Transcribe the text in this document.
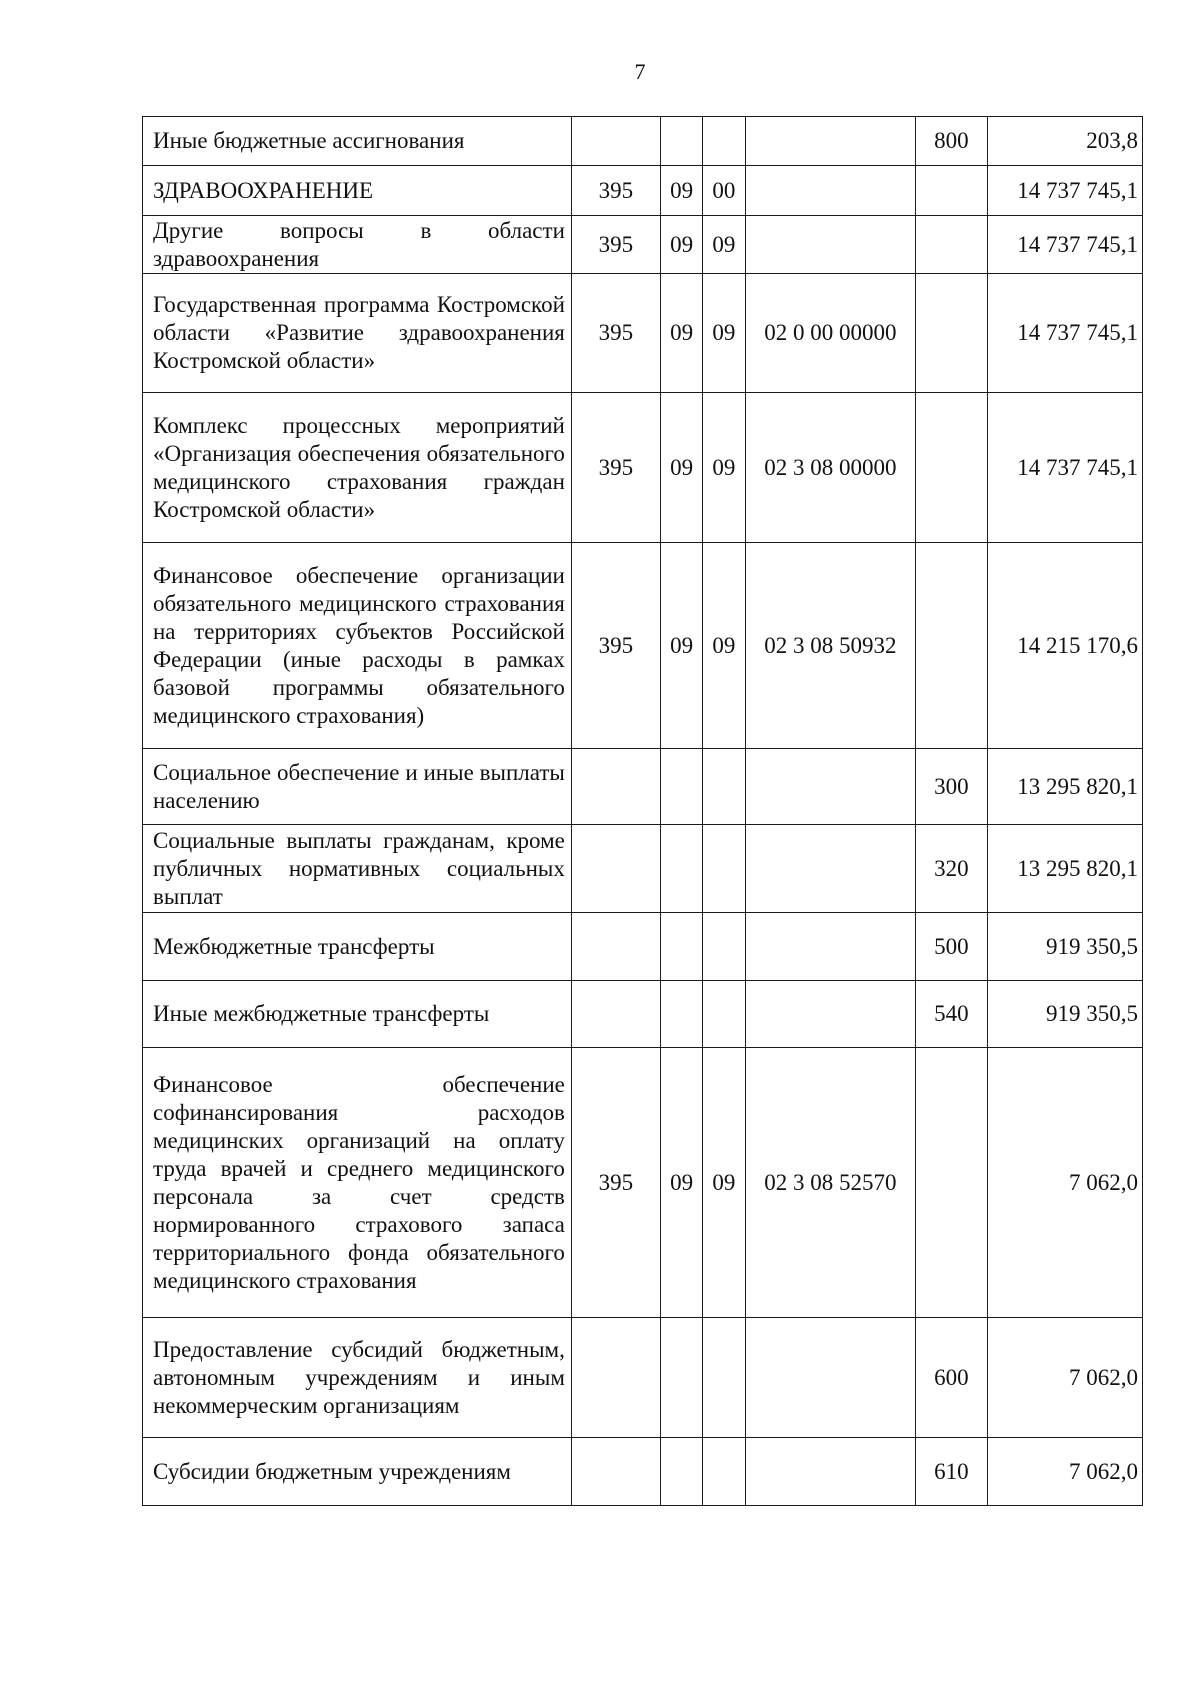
7
Иные бюджетные ассигнования					800	203,8
ЗДРАВООХРАНЕНИЕ	395	09	00			14 737 745,1
Другие вопросы в области здравоохранения	395	09	09			14 737 745,1
Государственная программа Костромской области «Развитие здравоохранения Костромской области»	395	09	09	02 0 00 00000		14 737 745,1
Комплекс процессных мероприятий «Организация обеспечения обязательного медицинского страхования граждан Костромской области»	395	09	09	02 3 08 00000		14 737 745,1
Финансовое обеспечение организации обязательного медицинского страхования на территориях субъектов Российской Федерации (иные расходы в рамках базовой программы обязательного медицинского страхования)	395	09	09	02 3 08 50932		14 215 170,6
Социальное обеспечение и иные выплаты населению					300	13 295 820,1
Социальные выплаты гражданам, кроме публичных нормативных социальных выплат					320	13 295 820,1
Межбюджетные трансферты					500	919 350,5
Иные межбюджетные трансферты					540	919 350,5
Финансовое обеспечение софинансирования расходов медицинских организаций на оплату труда врачей и среднего медицинского персонала за счет средств нормированного страхового запаса территориального фонда обязательного медицинского страхования	395	09	09	02 3 08 52570		7 062,0
Предоставление субсидий бюджетным, автономным учреждениям и иным некоммерческим организациям					600	7 062,0
Субсидии бюджетным учреждениям					610	7 062,0
